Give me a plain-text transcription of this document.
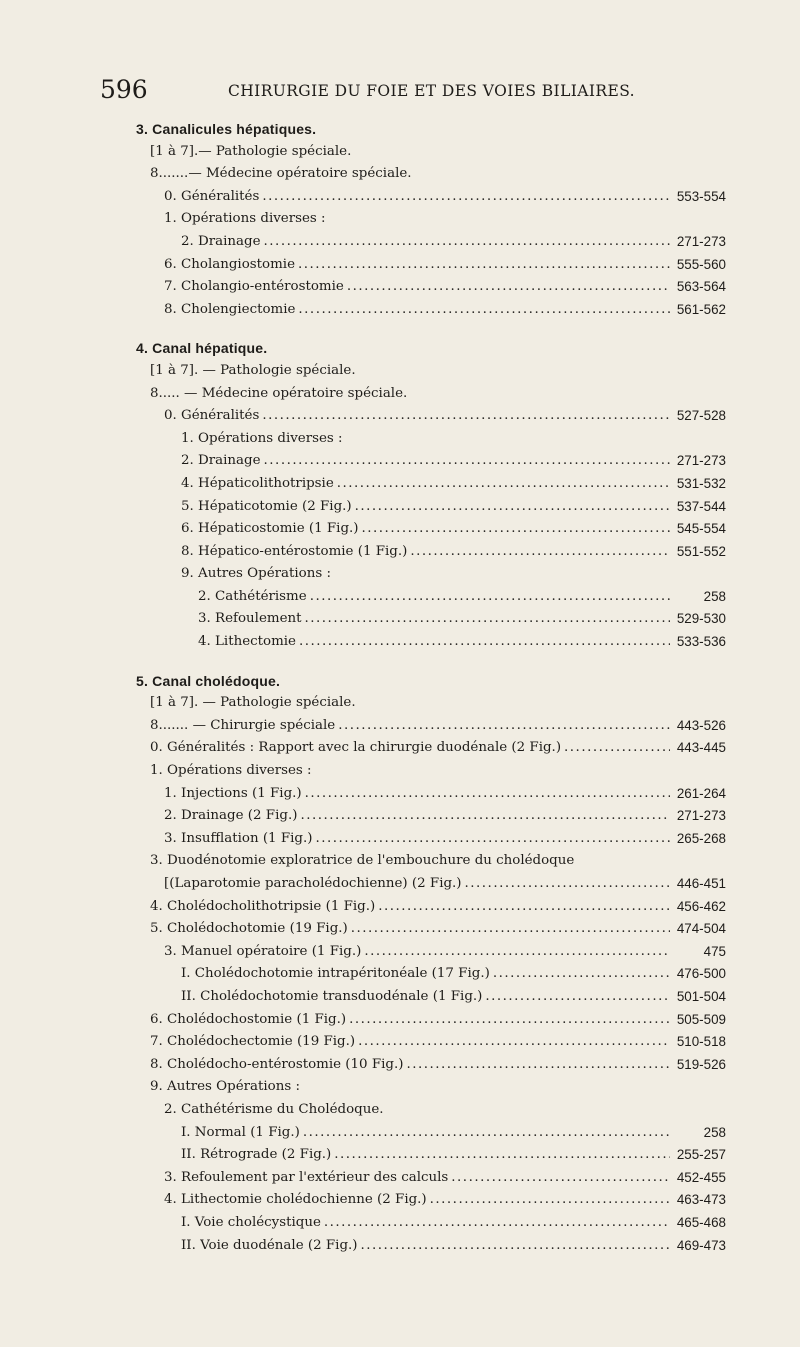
596	CHIRURGIE DU FOIE ET DES VOIES BILIAIRES.
3. Canalicules hépatiques.
[1 à 7].— Pathologie spéciale.
8.......— Médecine opératoire spéciale.
0. Généralités .....	553-554
1. Opérations diverses :
2. Drainage .....	271-273
6. Cholangiostomie .....	555-560
7. Cholangio-entérostomie .....	563-564
8. Cholengiectomie .....	561-562
4. Canal hépatique.
[1 à 7]. — Pathologie spéciale.
8..... — Médecine opératoire spéciale.
0. Généralités .....	527-528
1. Opérations diverses :
2. Drainage .....	271-273
4. Hépaticolithotripsie .....	531-532
5. Hépaticotomie (2 Fig.) .....	537-544
6. Hépaticostomie (1 Fig.) .....	545-554
8. Hépatico-entérostomie (1 Fig.) .....	551-552
9. Autres Opérations :
2. Cathétérisme .....	258
3. Refoulement .....	529-530
4. Lithectomie .....	533-536
5. Canal cholédoque.
[1 à 7]. — Pathologie spéciale.
8....... — Chirurgie spéciale .....	443-526
0. Généralités : Rapport avec la chirurgie duodénale (2 Fig.) .....	443-445
1. Opérations diverses :
1. Injections (1 Fig.) .....	261-264
2. Drainage (2 Fig.) .....	271-273
3. Insufflation (1 Fig.) .....	265-268
3. Duodénotomie exploratrice de l'embouchure du cholédoque
[(Laparotomie paracholédochienne) (2 Fig.) .....	446-451
4. Cholédocholithotripsie (1 Fig.) .....	456-462
5. Cholédochotomie (19 Fig.) .....	474-504
3. Manuel opératoire (1 Fig.) .....	475
I. Cholédochotomie intrapéritonéale (17 Fig.) .....	476-500
II. Cholédochotomie transduodénale (1 Fig.) .....	501-504
6. Cholédochostomie (1 Fig.) .....	505-509
7. Cholédochectomie (19 Fig.) .....	510-518
8. Cholédocho-entérostomie (10 Fig.) .....	519-526
9. Autres Opérations :
2. Cathétérisme du Cholédoque.
I. Normal (1 Fig.) .....	258
II. Rétrograde (2 Fig.) .....	255-257
3. Refoulement par l'extérieur des calculs .....	452-455
4. Lithectomie cholédochienne (2 Fig.) .....	463-473
I. Voie cholécystique .....	465-468
II. Voie duodénale (2 Fig.) .....	469-473
